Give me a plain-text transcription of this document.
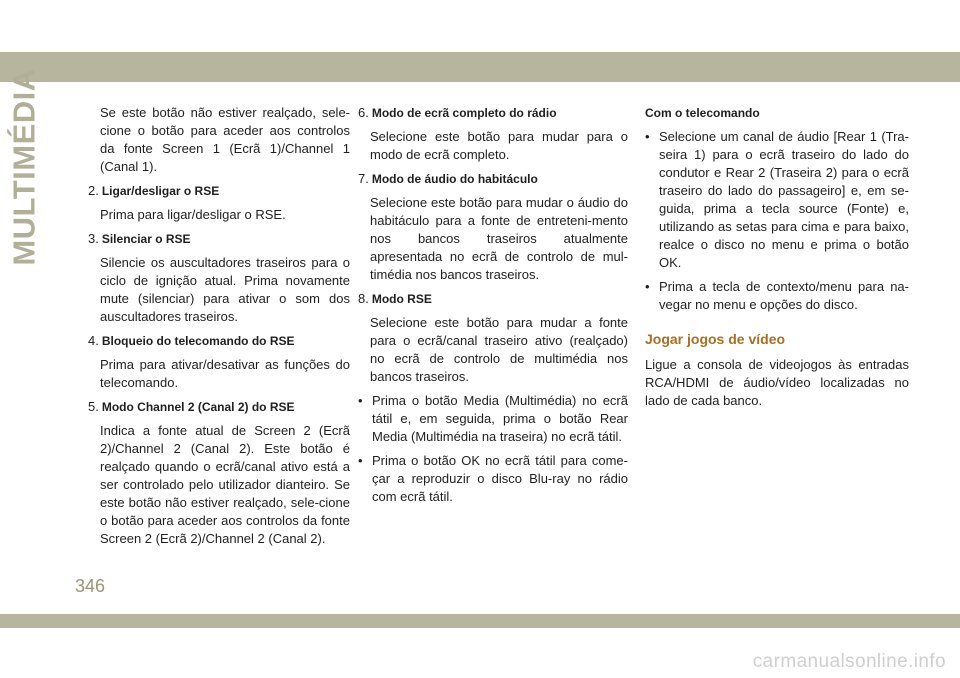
MULTIMÉDIA	Se este botão não estiver realçado, sele-cione o botão para aceder aos controlos da fonte Screen 1 (Ecrã 1)/Channel 1 (Canal 1).

2. Ligar/desligar o RSE
Prima para ligar/desligar o RSE.
3. Silenciar o RSE
Silencie os auscultadores traseiros para o ciclo de ignição atual. Prima novamente mute (silenciar) para ativar o som dos auscultadores traseiros.
4. Bloqueio do telecomando do RSE
Prima para ativar/desativar as funções do telecomando.
5. Modo Channel 2 (Canal 2) do RSE
Indica a fonte atual de Screen 2 (Ecrã 2)/Channel 2 (Canal 2). Este botão é realçado quando o ecrã/canal ativo está a ser controlado pelo utilizador dianteiro. Se este botão não estiver realçado, sele-cione o botão para aceder aos controlos da fonte Screen 2 (Ecrã 2)/Channel 2 (Canal 2).
6. Modo de ecrã completo do rádio
Selecione este botão para mudar para o modo de ecrã completo.
7. Modo de áudio do habitáculo
Selecione este botão para mudar o áudio do habitáculo para a fonte de entreteni-mento nos bancos traseiros atualmente apresentada no ecrã de controlo de mul-timédia nos bancos traseiros.
8. Modo RSE
Selecione este botão para mudar a fonte para o ecrã/canal traseiro ativo (realçado) no ecrã de controlo de multimédia nos bancos traseiros.
• Prima o botão Media (Multimédia) no ecrã tátil e, em seguida, prima o botão Rear Media (Multimédia na traseira) no ecrã tátil.
• Prima o botão OK no ecrã tátil para come-çar a reproduzir o disco Blu-ray no rádio com ecrã tátil.

Com o telecomando

• Selecione um canal de áudio [Rear 1 (Tra-seira 1) para o ecrã traseiro do lado do condutor e Rear 2 (Traseira 2) para o ecrã traseiro do lado do passageiro] e, em se-guida, prima a tecla source (Fonte) e, utilizando as setas para cima e para baixo, realce o disco no menu e prima o botão OK.
• Prima a tecla de contexto/menu para na-vegar no menu e opções do disco.
Jogar jogos de vídeo

Ligue a consola de videojogos às entradas RCA/HDMI de áudio/vídeo localizadas no lado de cada banco.

346
carmanualsonline.info
